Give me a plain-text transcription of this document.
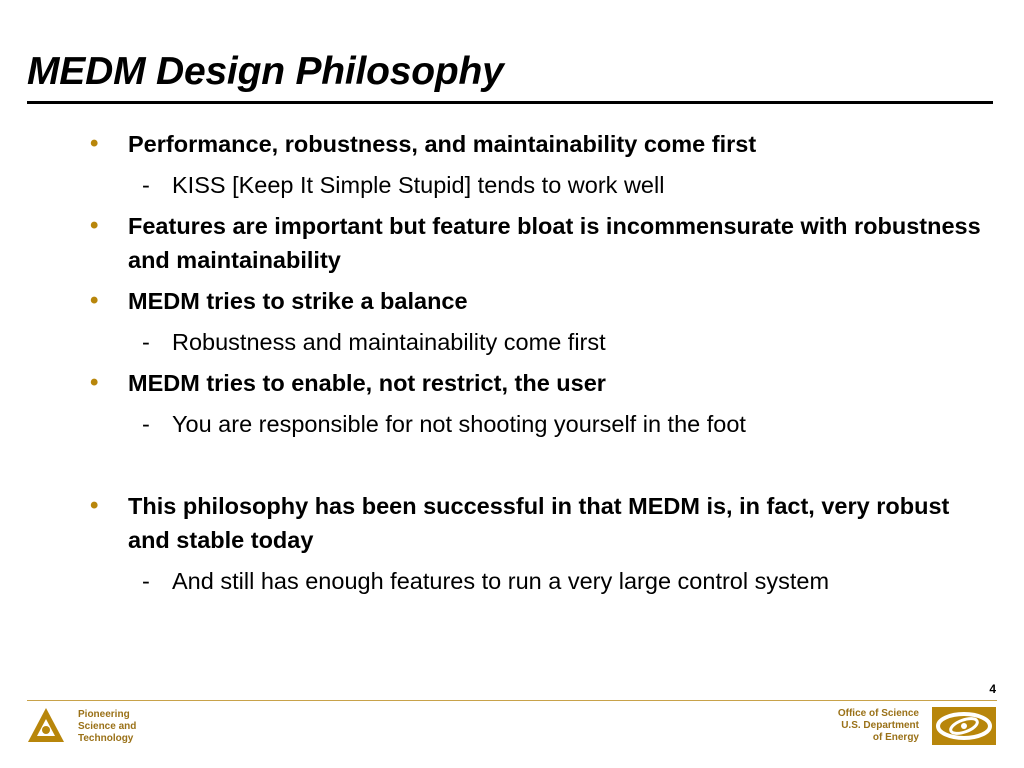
MEDM Design Philosophy
• Performance, robustness, and maintainability come first
- KISS [Keep It Simple Stupid] tends to work well
• Features are important but feature bloat is incommensurate with robustness and maintainability
• MEDM tries to strike a balance
- Robustness and maintainability come first
• MEDM tries to enable, not restrict, the user
- You are responsible for not shooting yourself in the foot
• This philosophy has been successful in that MEDM is, in fact, very robust and stable today
- And still has enough features to run a very large control system
4
Pioneering
Science and
Technology
Office of Science
U.S. Department
of Energy
